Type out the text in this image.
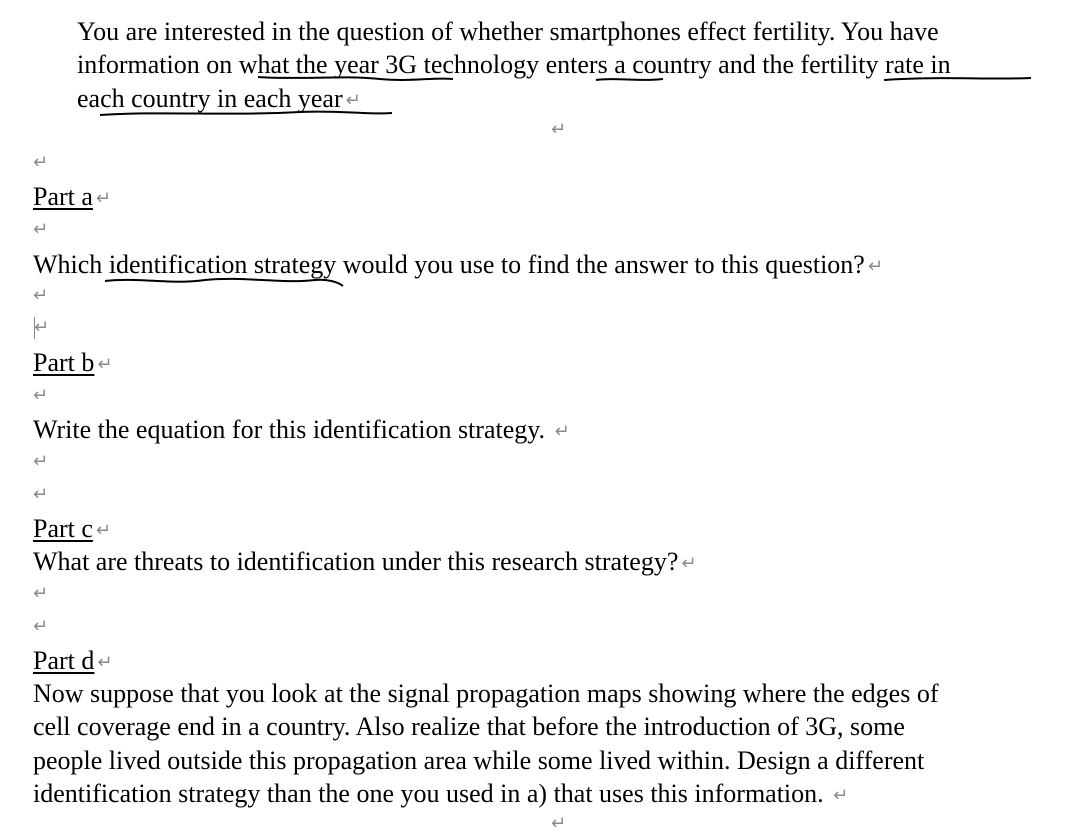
You are interested in the question of whether smartphones effect fertility. You have
information on what the year 3G technology enters a country and the fertility rate in
each country in each year ↵
↵
↵
Part a ↵
↵
Which identification strategy would you use to find the answer to this question? ↵
↵
↵
Part b ↵
↵
Write the equation for this identification strategy. ↵
↵
↵
Part c ↵
What are threats to identification under this research strategy? ↵
↵
↵
Part d ↵
Now suppose that you look at the signal propagation maps showing where the edges of
cell coverage end in a country. Also realize that before the introduction of 3G, some
people lived outside this propagation area while some lived within. Design a different
identification strategy than the one you used in a) that uses this information. ↵
↵
